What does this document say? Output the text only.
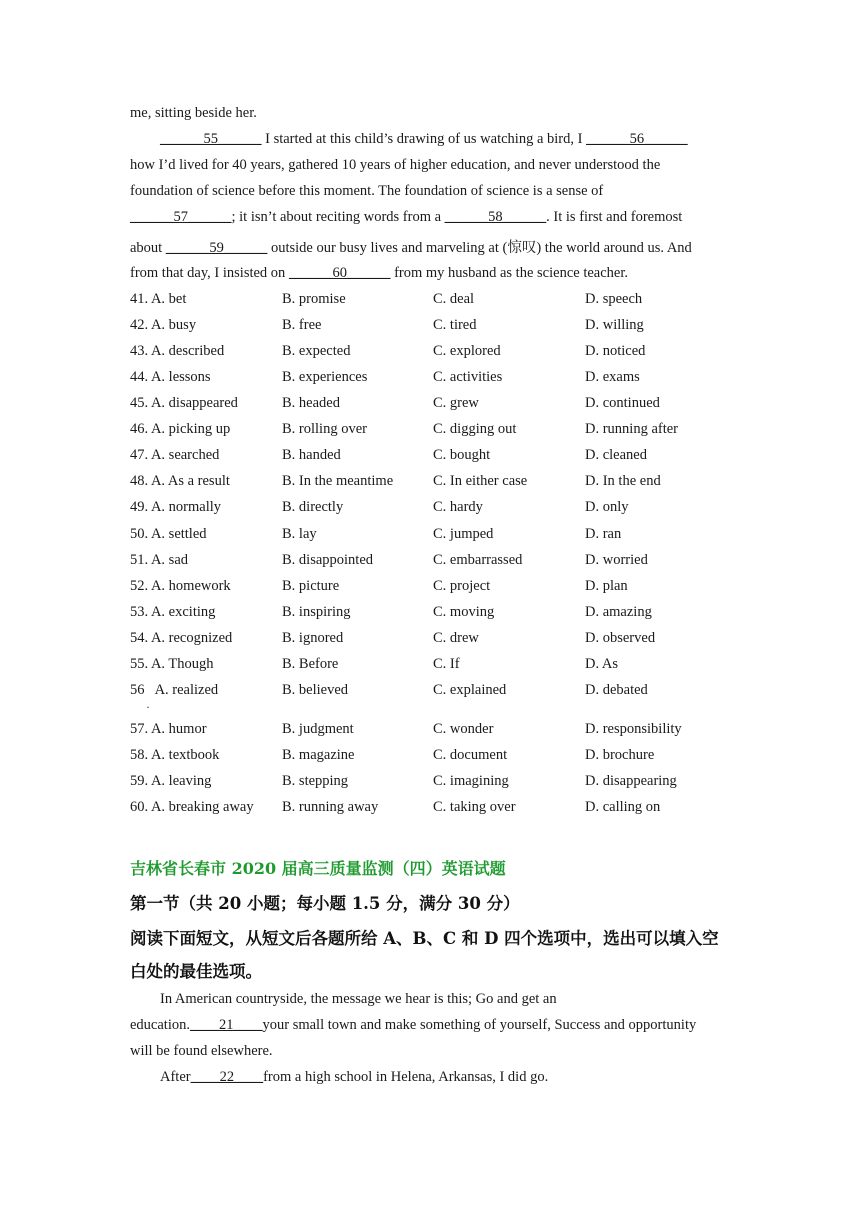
me, sitting beside her.
______55______ I started at this child’s drawing of us watching a bird, I ______56______
how I’d lived for 40 years, gathered 10 years of higher education, and never understood the
foundation of science before this moment. The foundation of science is a sense of
______57______; it isn’t about reciting words from a ______58______. It is first and foremost
about ______59______ outside our busy lives and marveling at (惊叹) the world around us. And
from that day, I insisted on ______60______ from my husband as the science teacher.
41. A. bet	B. promise	C. deal	D. speech
42. A. busy	B. free	C. tired	D. willing
43. A. described	B. expected	C. explored	D. noticed
44. A. lessons	B. experiences	C. activities	D. exams
45. A. disappeared	B. headed	C. grew	D. continued
46. A. picking up	B. rolling over	C. digging out	D. running after
47. A. searched	B. handed	C. bought	D. cleaned
48. A. As a result	B. In the meantime	C. In either case	D. In the end
49. A. normally	B. directly	C. hardy	D. only
50. A. settled	B. lay	C. jumped	D. ran
51. A. sad	B. disappointed	C. embarrassed	D. worried
52. A. homework	B. picture	C. project	D. plan
53. A. exciting	B. inspiring	C. moving	D. amazing
54. A. recognized	B. ignored	C. drew	D. observed
55. A. Though	B. Before	C. If	D. As
56   A. realized	B. believed	C. explained	D. debated
·
57. A. humor	B. judgment	C. wonder	D. responsibility
58. A. textbook	B. magazine	C. document	D. brochure
59. A. leaving	B. stepping	C. imagining	D. disappearing
60. A. breaking away B. running away	C. taking over	D. calling on
吉林省长春市 2020 届高三质量监测（四）英语试题
第一节（共 20 小题；每小题 1.5 分，满分 30 分）
阅读下面短文，从短文后各题所给 A、B、C 和 D 四个选项中，选出可以填入空
白处的最佳选项。
In American countryside, the message we hear is this; Go and get an
education.____21____your small town and make something of yourself, Success and opportunity
will be found elsewhere.
After____22____from a high school in Helena, Arkansas, I did go.
